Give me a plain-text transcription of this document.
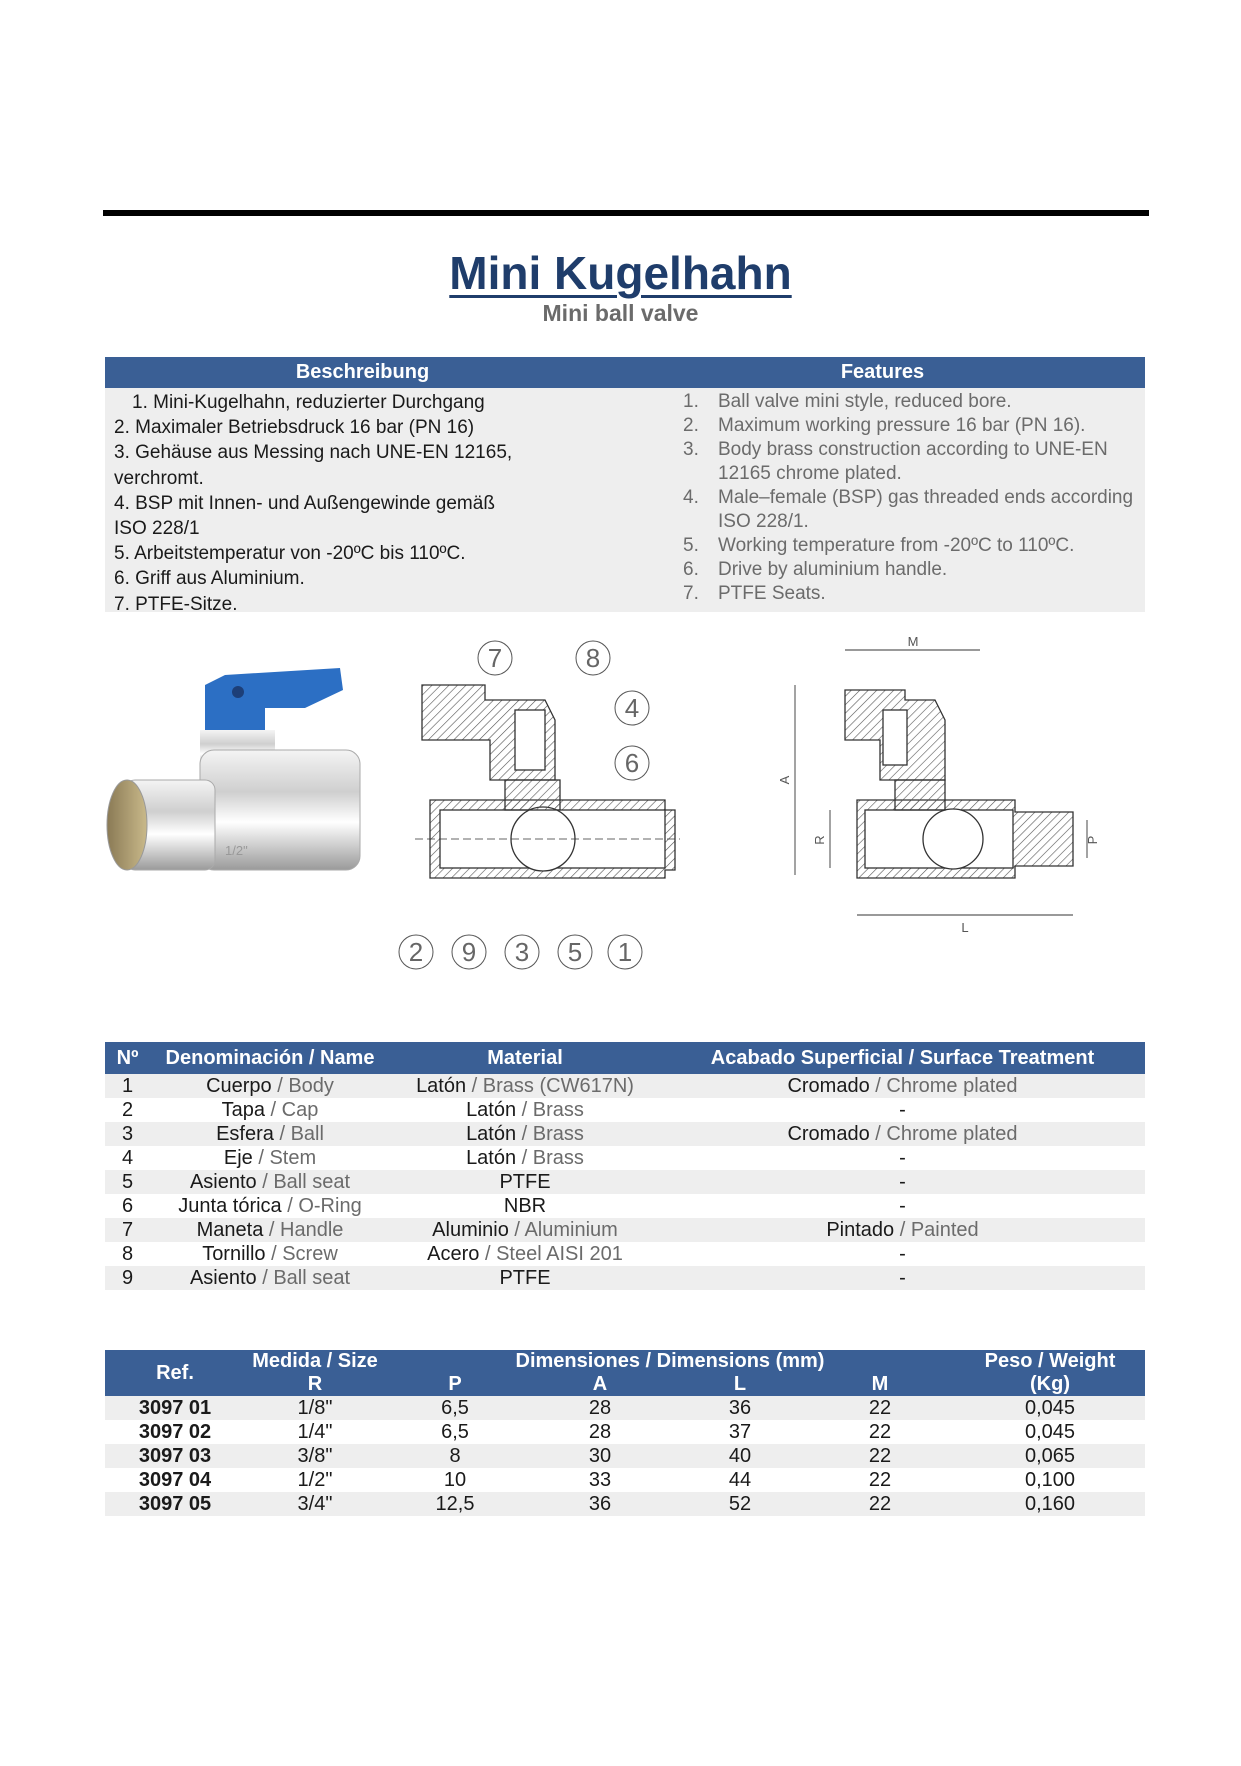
Mini Kugelhahn
Mini ball valve
Beschreibung	Features
1. Mini-Kugelhahn, reduzierter Durchgang
2. Maximaler Betriebsdruck 16 bar (PN 16)
3. Gehäuse aus Messing nach UNE-EN 12165,
verchromt.
4. BSP mit Innen- und Außengewinde gemäß
ISO 228/1
5. Arbeitstemperatur von -20ºC bis 110ºC.
6. Griff aus Aluminium.
7. PTFE-Sitze.
1. Ball valve mini style, reduced bore.
2. Maximum working pressure 16 bar (PN 16).
3. Body brass construction according to UNE-EN 12165 chrome plated.
4. Male–female (BSP) gas threaded ends according ISO 228/1.
5. Working temperature from -20ºC to 110ºC.
6. Drive by aluminium handle.
7. PTFE Seats.
1/2"
7	8
4
6
2 9 3 5 1
M
A
R	P
L
Nº	Denominación / Name	Material	Acabado Superficial / Surface Treatment
1	Cuerpo / Body	Latón / Brass (CW617N)	Cromado / Chrome plated
2	Tapa / Cap	Latón / Brass	-
3	Esfera / Ball	Latón / Brass	Cromado / Chrome plated
4	Eje / Stem	Latón / Brass	-
5	Asiento / Ball seat	PTFE	-
6	Junta tórica / O-Ring	NBR	-
7	Maneta / Handle	Aluminio / Aluminium	Pintado / Painted
8	Tornillo / Screw	Acero / Steel AISI 201	-
9	Asiento / Ball seat	PTFE	-
Ref.	Medida / Size	Dimensiones / Dimensions (mm)				Peso / Weight
	R	P	A	L	M	(Kg)
3097 01	1/8"	6,5	28	36	22	0,045
3097 02	1/4"	6,5	28	37	22	0,045
3097 03	3/8"	8	30	40	22	0,065
3097 04	1/2"	10	33	44	22	0,100
3097 05	3/4"	12,5	36	52	22	0,160
